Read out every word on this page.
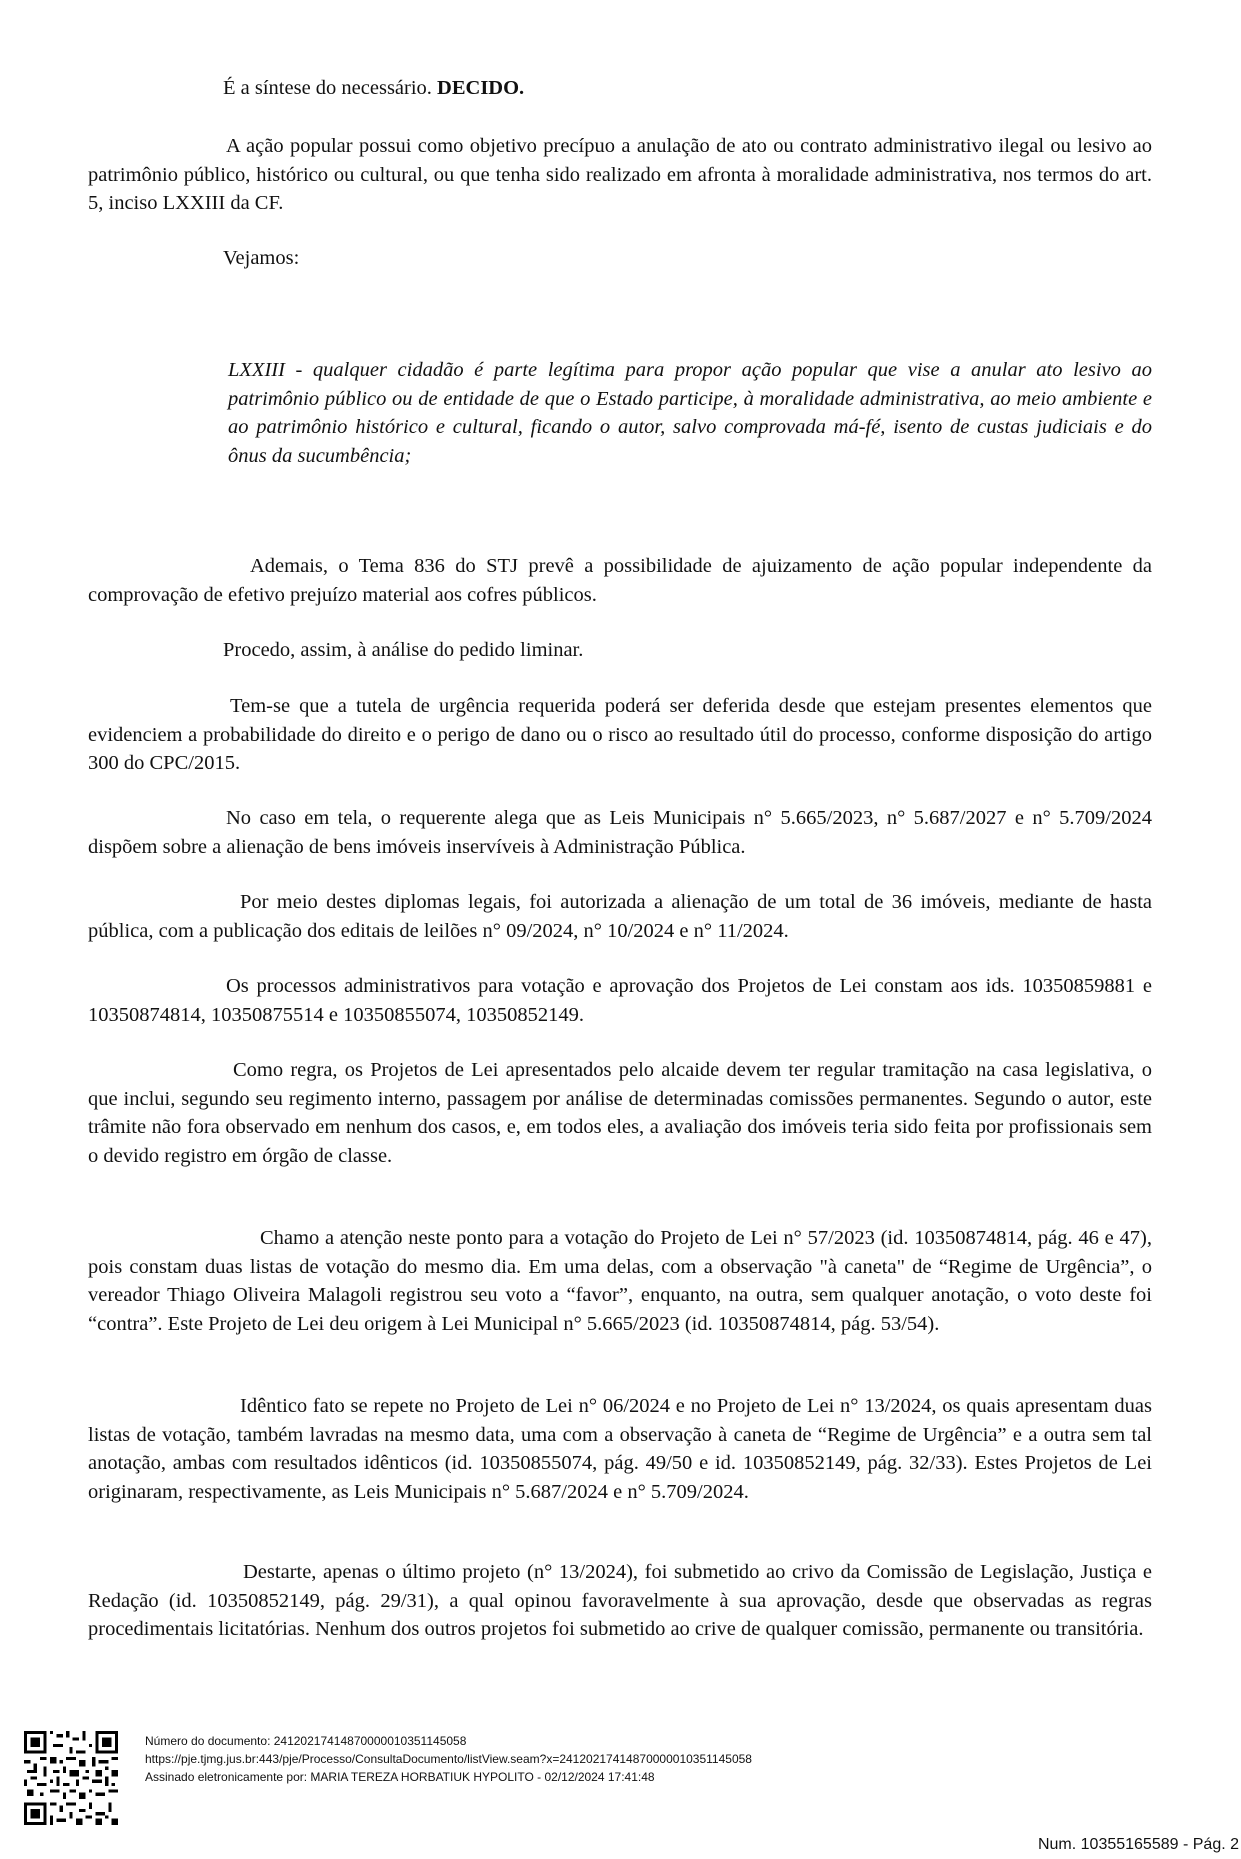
É a síntese do necessário. DECIDO.

A ação popular possui como objetivo precípuo a anulação de ato ou contrato administrativo ilegal ou lesivo ao patrimônio público, histórico ou cultural, ou que tenha sido realizado em afronta à moralidade administrativa, nos termos do art. 5, inciso LXXIII da CF.

Vejamos:

LXXIII - qualquer cidadão é parte legítima para propor ação popular que vise a anular ato lesivo ao patrimônio público ou de entidade de que o Estado participe, à moralidade administrativa, ao meio ambiente e ao patrimônio histórico e cultural, ficando o autor, salvo comprovada má-fé, isento de custas judiciais e do ônus da sucumbência;

Ademais, o Tema 836 do STJ prevê a possibilidade de ajuizamento de ação popular independente da comprovação de efetivo prejuízo material aos cofres públicos.

Procedo, assim, à análise do pedido liminar.

Tem-se que a tutela de urgência requerida poderá ser deferida desde que estejam presentes elementos que evidenciem a probabilidade do direito e o perigo de dano ou o risco ao resultado útil do processo, conforme disposição do artigo 300 do CPC/2015.

No caso em tela, o requerente alega que as Leis Municipais n° 5.665/2023, n° 5.687/2027 e n° 5.709/2024 dispõem sobre a alienação de bens imóveis inservíveis à Administração Pública.

Por meio destes diplomas legais, foi autorizada a alienação de um total de 36 imóveis, mediante de hasta pública, com a publicação dos editais de leilões n° 09/2024, n° 10/2024 e n° 11/2024.

Os processos administrativos para votação e aprovação dos Projetos de Lei constam aos ids. 10350859881 e 10350874814, 10350875514 e 10350855074, 10350852149.

Como regra, os Projetos de Lei apresentados pelo alcaide devem ter regular tramitação na casa legislativa, o que inclui, segundo seu regimento interno, passagem por análise de determinadas comissões permanentes. Segundo o autor, este trâmite não fora observado em nenhum dos casos, e, em todos eles, a avaliação dos imóveis teria sido feita por profissionais sem o devido registro em órgão de classe.

Chamo a atenção neste ponto para a votação do Projeto de Lei n° 57/2023 (id. 10350874814, pág. 46 e 47), pois constam duas listas de votação do mesmo dia. Em uma delas, com a observação "à caneta" de “Regime de Urgência”, o vereador Thiago Oliveira Malagoli registrou seu voto a “favor”, enquanto, na outra, sem qualquer anotação, o voto deste foi “contra”. Este Projeto de Lei deu origem à Lei Municipal n° 5.665/2023 (id. 10350874814, pág. 53/54).

Idêntico fato se repete no Projeto de Lei n° 06/2024 e no Projeto de Lei n° 13/2024, os quais apresentam duas listas de votação, também lavradas na mesmo data, uma com a observação à caneta de “Regime de Urgência” e a outra sem tal anotação, ambas com resultados idênticos (id. 10350855074, pág. 49/50 e id. 10350852149, pág. 32/33). Estes Projetos de Lei originaram, respectivamente, as Leis Municipais n° 5.687/2024 e n° 5.709/2024.

Destarte, apenas o último projeto (n° 13/2024), foi submetido ao crivo da Comissão de Legislação, Justiça e Redação (id. 10350852149, pág. 29/31), a qual opinou favoravelmente à sua aprovação, desde que observadas as regras procedimentais licitatórias. Nenhum dos outros projetos foi submetido ao crive de qualquer comissão, permanente ou transitória.

Número do documento: 24120217414870000010351145058
https://pje.tjmg.jus.br:443/pje/Processo/ConsultaDocumento/listView.seam?x=24120217414870000010351145058
Assinado eletronicamente por: MARIA TEREZA HORBATIUK HYPOLITO - 02/12/2024 17:41:48
Num. 10355165589 - Pág. 2
